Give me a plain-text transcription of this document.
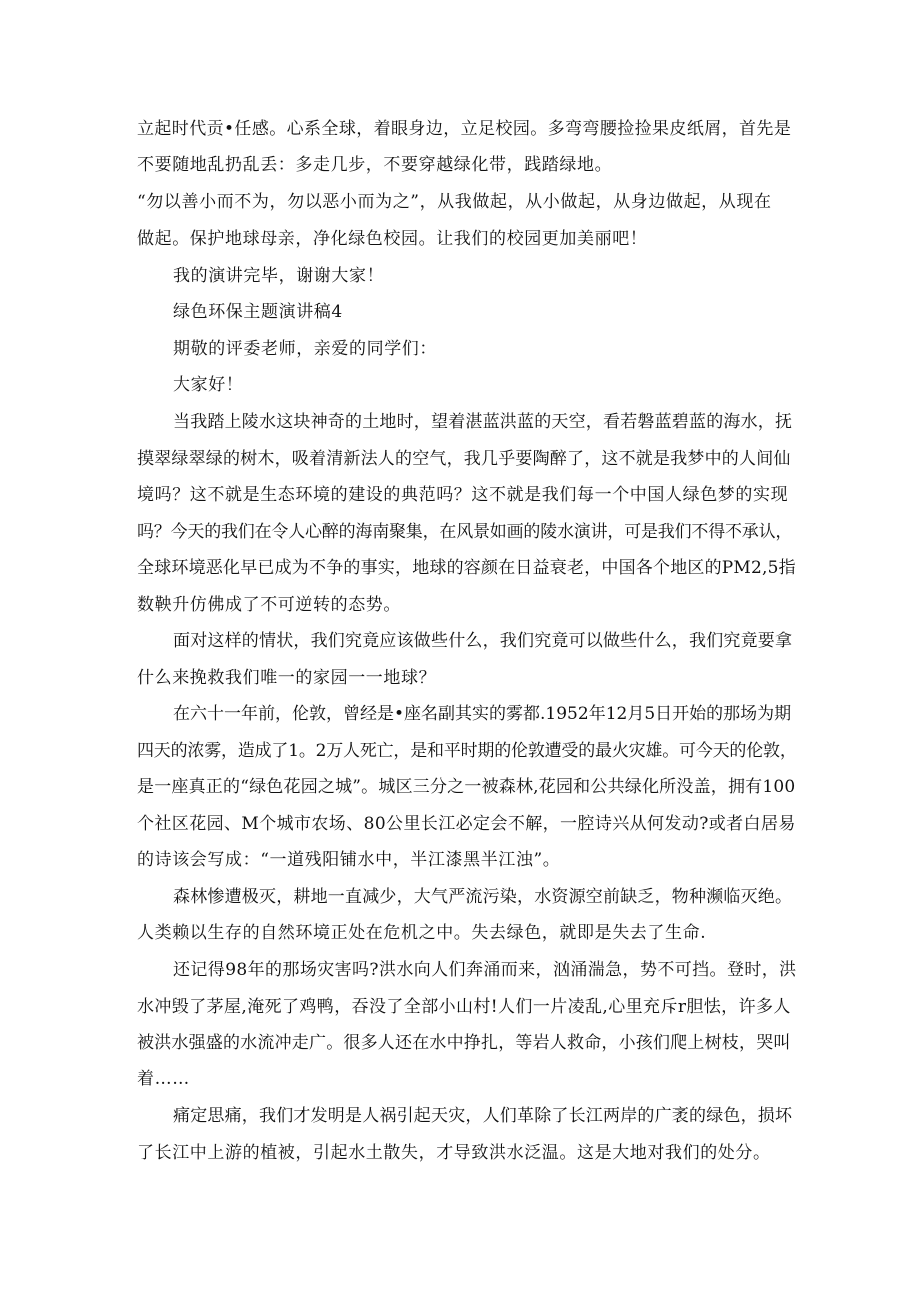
立起时代贡•任感。心系全球，着眼身边，立足校园。多弯弯腰捡捡果皮纸屑，首先是
不要随地乱扔乱丢：多走几步，不要穿越绿化带，践踏绿地。
“勿以善小而不为，勿以恶小而为之”，从我做起，从小做起，从身边做起，从现在
做起。保护地球母亲，净化绿色校园。让我们的校园更加美丽吧！
我的演讲完毕，谢谢大家！
绿色环保主题演讲稿4
期敬的评委老师，亲爱的同学们：
大家好！
当我踏上陵水这块神奇的土地时，望着湛蓝洪蓝的天空，看若磐蓝碧蓝的海水，抚
摸翠绿翠绿的树木，吸着清新法人的空气，我几乎要陶醉了，这不就是我梦中的人间仙
境吗？这不就是生态环境的建设的典范吗？这不就是我们每一个中国人绿色梦的实现
吗？今天的我们在令人心醉的海南聚集，在风景如画的陵水演讲，可是我们不得不承认，
全球环境恶化早已成为不争的事实，地球的容颜在日益衰老，中国各个地区的PM2,5指
数鞅升仿佛成了不可逆转的态势。
面对这样的情状，我们究竟应该做些什么，我们究竟可以做些什么，我们究竟要拿
什么来挽救我们唯一的家园一一地球？
在六十一年前，伦敦，曾经是•座名副其实的雾都.1952年12月5日开始的那场为期
四天的浓雾，造成了1。2万人死亡，是和平时期的伦敦遭受的最火灾雄。可今天的伦敦，
是一座真正的“绿色花园之城”。城区三分之一被森林,花园和公共绿化所没盖，拥有100
个社区花园、M个城市农场、80公里长江必定会不解，一腔诗兴从何发动?或者白居易
的诗该会写成：“一道残阳铺水中，半江漆黑半江浊”。
森林惨遭极灭，耕地一直减少，大气严流污染，水资源空前缺乏，物种濒临灭绝。
人类赖以生存的自然环境正处在危机之中。失去绿色，就即是失去了生命.
还记得98年的那场灾害吗?洪水向人们奔涌而来，汹涌湍急，势不可挡。登时，洪
水冲毁了茅屋,淹死了鸡鸭，吞没了全部小山村!人们一片凌乱,心里充斥r胆怯，许多人
被洪水强盛的水流冲走广。很多人还在水中挣扎，等岩人救命，小孩们爬上树枝，哭叫
着……
痛定思痛，我们才发明是人祸引起天灾，人们革除了长江两岸的广袤的绿色，损坏
了长江中上游的植被，引起水土散失，才导致洪水泛温。这是大地对我们的处分。
